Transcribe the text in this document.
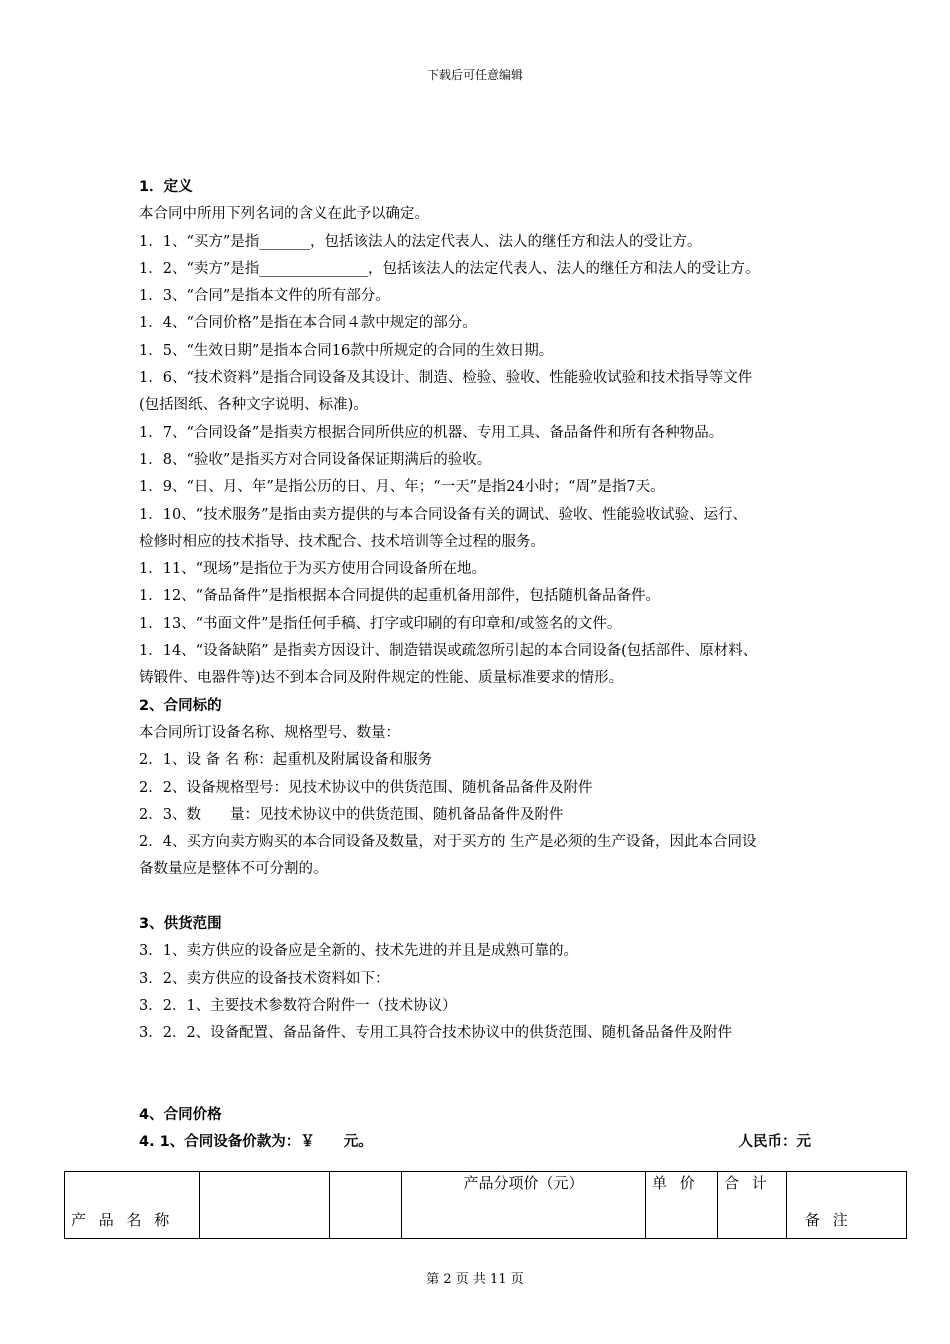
下载后可任意编辑
1．定义
本合同中所用下列名词的含义在此予以确定。
1．1、“买方”是指_______，包括该法人的法定代表人、法人的继任方和法人的受让方。
1．2、“卖方”是指_______________，包括该法人的法定代表人、法人的继任方和法人的受让方。
1．3、“合同”是指本文件的所有部分。
1．4、“合同价格”是指在本合同４款中规定的部分。
1．5、“生效日期”是指本合同16款中所规定的合同的生效日期。
1．6、“技术资料”是指合同设备及其设计、制造、检验、验收、性能验收试验和技术指导等文件
(包括图纸、各种文字说明、标准)。
1．7、“合同设备”是指卖方根据合同所供应的机器、专用工具、备品备件和所有各种物品。
1．8、“验收”是指买方对合同设备保证期满后的验收。
1．9、“日、月、年”是指公历的日、月、年；“一天”是指24小时；“周”是指7天。
1．10、“技术服务”是指由卖方提供的与本合同设备有关的调试、验收、性能验收试验、运行、
检修时相应的技术指导、技术配合、技术培训等全过程的服务。
1．11、“现场”是指位于为买方使用合同设备所在地。
1．12、“备品备件”是指根据本合同提供的起重机备用部件，包括随机备品备件。
1．13、“书面文件”是指任何手稿、打字或印刷的有印章和/或签名的文件。
1．14、“设备缺陷” 是指卖方因设计、制造错误或疏忽所引起的本合同设备(包括部件、原材料、
铸锻件、电器件等)达不到本合同及附件规定的性能、质量标准要求的情形。
2、合同标的
本合同所订设备名称、规格型号、数量：
2．1、设 备 名 称：起重机及附属设备和服务
2．2、设备规格型号：见技术协议中的供货范围、随机备品备件及附件
2．3、数　　量：见技术协议中的供货范围、随机备品备件及附件
2．4、买方向卖方购买的本合同设备及数量，对于买方的 生产是必须的生产设备，因此本合同设
备数量应是整体不可分割的。
3、供货范围
3．1、卖方供应的设备应是全新的、技术先进的并且是成熟可靠的。
3．2、卖方供应的设备技术资料如下：
3．2．1、主要技术参数符合附件一（技术协议）
3．2．2、设备配置、备品备件、专用工具符合技术协议中的供货范围、随机备品备件及附件
4、合同价格
4. 1、合同设备价款为：￥　　元。	人民币：元
产 品 名 称			产品分项价（元）	单 价	合 计	备 注
第 2 页 共 11 页
